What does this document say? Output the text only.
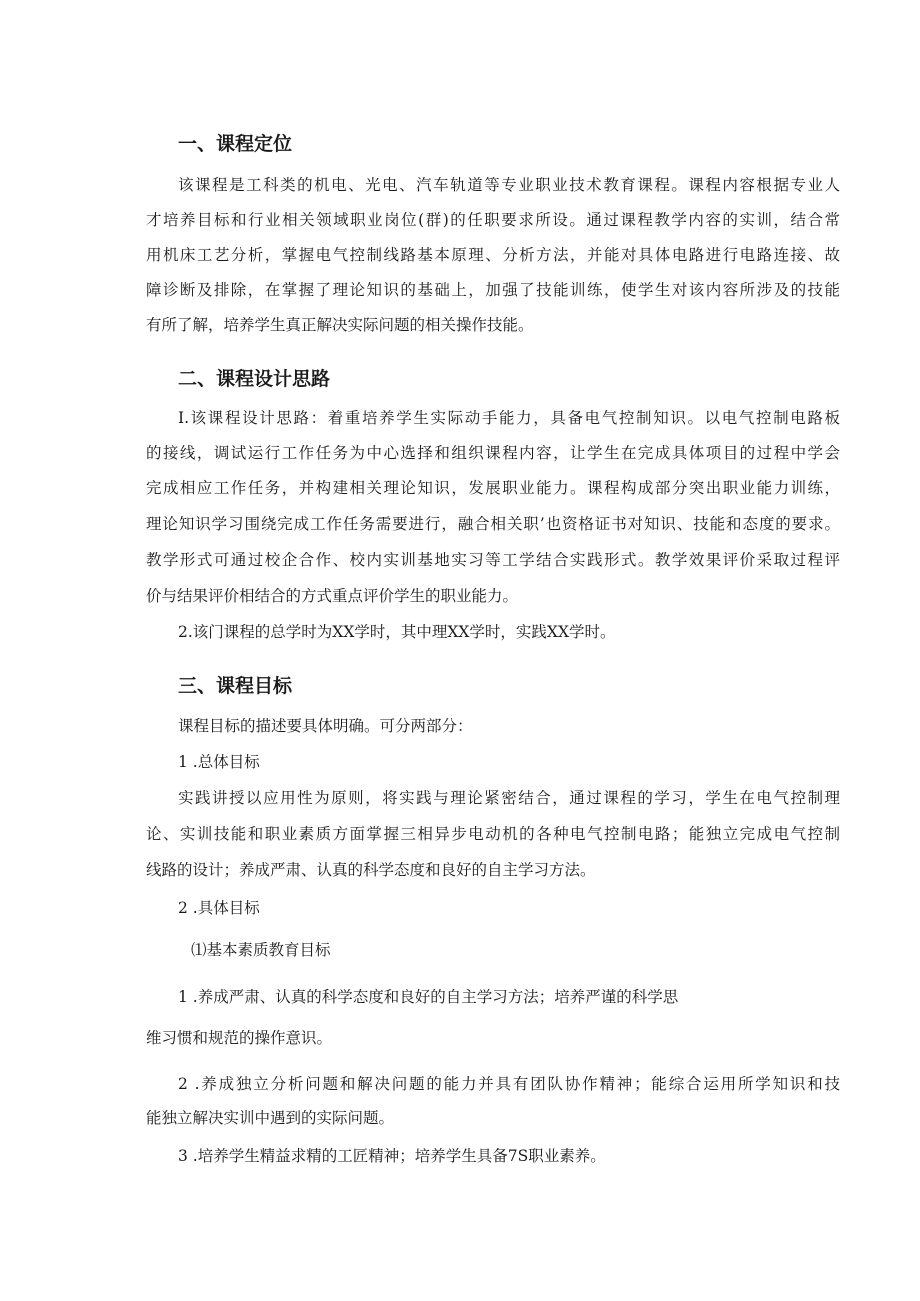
一、课程定位
该课程是工科类的机电、光电、汽车轨道等专业职业技术教育课程。课程内容根据专业人
才培养目标和行业相关领域职业岗位(群)的任职要求所设。通过课程教学内容的实训，结合常
用机床工艺分析，掌握电气控制线路基本原理、分析方法，并能对具体电路进行电路连接、故
障诊断及排除，在掌握了理论知识的基础上，加强了技能训练，使学生对该内容所涉及的技能
有所了解，培养学生真正解决实际问题的相关操作技能。
二、课程设计思路
I.该课程设计思路：着重培养学生实际动手能力，具备电气控制知识。以电气控制电路板
的接线，调试运行工作任务为中心选择和组织课程内容，让学生在完成具体项目的过程中学会
完成相应工作任务，并构建相关理论知识，发展职业能力。课程构成部分突出职业能力训练，
理论知识学习围绕完成工作任务需要进行，融合相关职’也资格证书对知识、技能和态度的要求。
教学形式可通过校企合作、校内实训基地实习等工学结合实践形式。教学效果评价采取过程评
价与结果评价相结合的方式重点评价学生的职业能力。
2.该门课程的总学时为XX学时，其中理XX学时，实践XX学时。
三、课程目标
课程目标的描述要具体明确。可分两部分：
1 .总体目标
实践讲授以应用性为原则，将实践与理论紧密结合，通过课程的学习，学生在电气控制理
论、实训技能和职业素质方面掌握三相异步电动机的各种电气控制电路；能独立完成电气控制
线路的设计；养成严肃、认真的科学态度和良好的自主学习方法。
2 .具体目标
⑴基本素质教育目标
1 .养成严肃、认真的科学态度和良好的自主学习方法；培养严谨的科学思
维习惯和规范的操作意识。
2 .养成独立分析问题和解决问题的能力并具有团队协作精神；能综合运用所学知识和技
能独立解决实训中遇到的实际问题。
3 .培养学生精益求精的工匠精神；培养学生具备7S职业素养。
